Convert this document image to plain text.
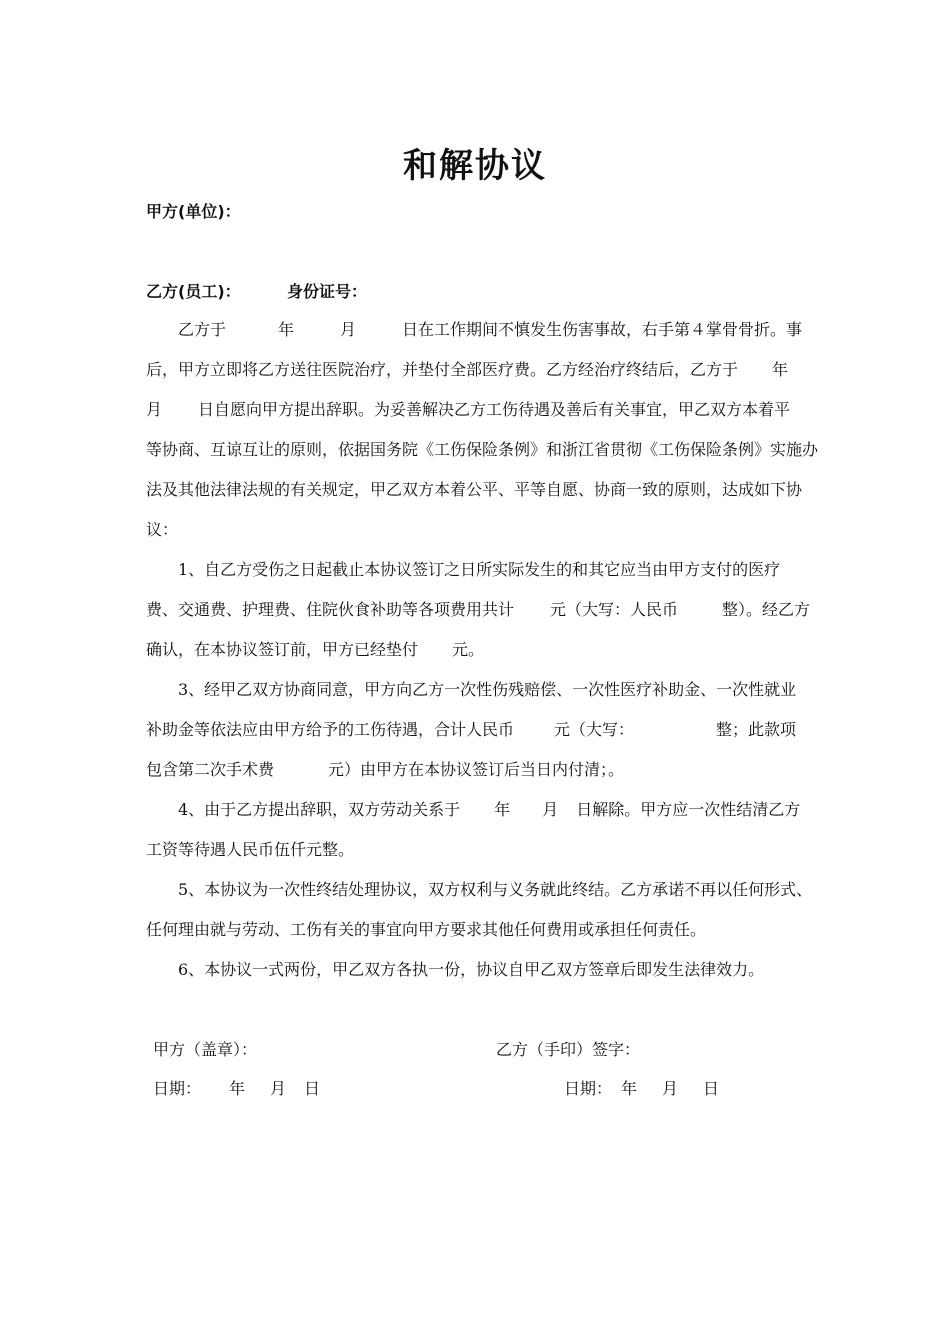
和解协议
甲方(单位)：
乙方(员工)：	身份证号：
乙方于	年	月	日在工作期间不慎发生伤害事故，右手第４掌骨骨折。事
后，甲方立即将乙方送往医院治疗，并垫付全部医疗费。乙方经治疗终结后，乙方于 年
月 日自愿向甲方提出辞职。为妥善解决乙方工伤待遇及善后有关事宜，甲乙双方本着平
等协商、互谅互让的原则，依据国务院《工伤保险条例》和浙江省贯彻《工伤保险条例》实施办
法及其他法律法规的有关规定，甲乙双方本着公平、平等自愿、协商一致的原则，达成如下协
议：
1、自乙方受伤之日起截止本协议签订之日所实际发生的和其它应当由甲方支付的医疗
费、交通费、护理费、住院伙食补助等各项费用共计 元（大写：人民币	整）。经乙方
确认，在本协议签订前，甲方已经垫付 元。
3、经甲乙双方协商同意，甲方向乙方一次性伤残赔偿、一次性医疗补助金、一次性就业
补助金等依法应由甲方给予的工伤待遇，合计人民币	元（大写：	整；此款项
包含第二次手术费	元）由甲方在本协议签订后当日内付清；。
4、由于乙方提出辞职，双方劳动关系于 年 月 日解除。甲方应一次性结清乙方
工资等待遇人民币伍仟元整。
5、本协议为一次性终结处理协议，双方权利与义务就此终结。乙方承诺不再以任何形式、
任何理由就与劳动、工伤有关的事宜向甲方要求其他任何费用或承担任何责任。
6、本协议一式两份，甲乙双方各执一份，协议自甲乙双方签章后即发生法律效力。
甲方（盖章）：	乙方（手印）签字：
日期： 年 月 日	日期： 年 月 日
